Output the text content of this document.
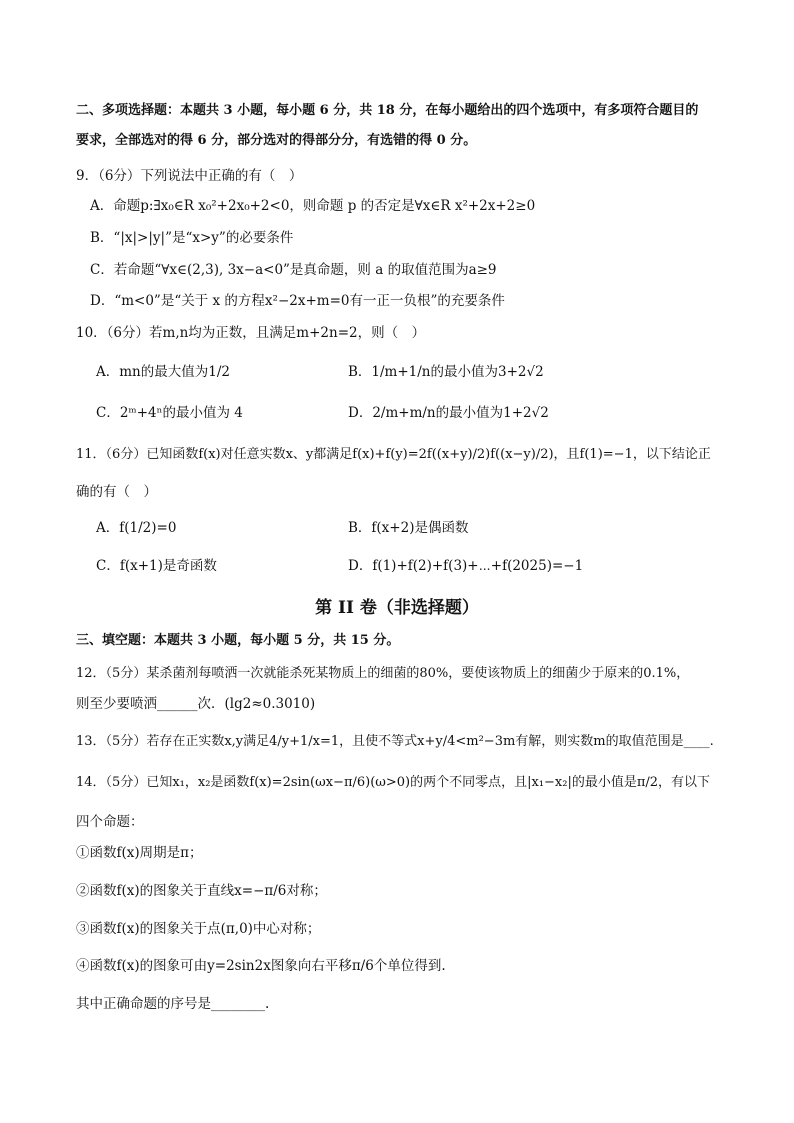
二、多项选择题：本题共 3 小题，每小题 6 分，共 18 分，在每小题给出的四个选项中，有多项符合题目的
要求，全部选对的得 6 分，部分选对的得部分分，有选错的得 0 分。
9．（6分）下列说法中正确的有（　）
A．命题p:∃x₀∈R x₀²+2x₀+2<0，则命题 p 的否定是∀x∈R x²+2x+2≥0
B．“|x|>|y|”是“x>y”的必要条件
C．若命题“∀x∈(2,3), 3x−a<0”是真命题，则 a 的取值范围为a≥9
D．“m<0”是“关于 x 的方程x²−2x+m=0有一正一负根”的充要条件
10．（6分）若m,n均为正数，且满足m+2n=2，则（　）
A．mn的最大值为1/2	B．1/m+1/n的最小值为3+2√2
C．2ᵐ+4ⁿ的最小值为 4	D．2/m+m/n的最小值为1+2√2
11．（6分）已知函数f(x)对任意实数x、y都满足f(x)+f(y)=2f((x+y)/2)f((x−y)/2)，且f(1)=−1，以下结论正
确的有（　）
A．f(1/2)=0	B．f(x+2)是偶函数
C．f(x+1)是奇函数	D．f(1)+f(2)+f(3)+⋯+f(2025)=−1
第 II 卷（非选择题）
三、填空题：本题共 3 小题，每小题 5 分，共 15 分。
12．（5分）某杀菌剂每喷洒一次就能杀死某物质上的细菌的80%，要使该物质上的细菌少于原来的0.1%，
则至少要喷洒______次．(lg2≈0.3010)
13．（5分）若存在正实数x,y满足4/y+1/x=1，且使不等式x+y/4<m²−3m有解，则实数m的取值范围是____.
14．（5分）已知x₁，x₂是函数f(x)=2sin(ωx−π/6)(ω>0)的两个不同零点，且|x₁−x₂|的最小值是π/2，有以下
四个命题：
①函数f(x)周期是π；
②函数f(x)的图象关于直线x=−π/6对称；
③函数f(x)的图象关于点(π,0)中心对称；
④函数f(x)的图象可由y=2sin2x图象向右平移π/6个单位得到.
其中正确命题的序号是________.
